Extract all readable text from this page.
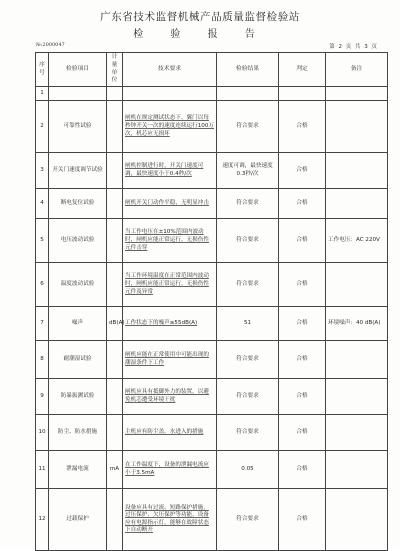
广东省技术监督机械产品质量监督检验站
检 验 报 告
№:2000047	第 2 页 共 3 页
序号	检验项目	计量单位	技术要求	检验结果	判定	备注
1						
2	可靠性试验		闸机在规定测试状态下，翼门以每秒钟开关一次的速度连续运行100万次，机芯应无损坏	符合要求	合格	
3	开关门速度调节试验		闸机控制进行时，开关门速度可调，最快速度小于0.4秒/次	速度可调，最快速度0.3秒/次	合格	
4	断电复位试验		闸机开关门动作平稳，无明显冲击	符合要求	合格	
5	电压波动试验		当工作电压在±10%范围内波动时，闸机应能正常运行，无损伤性元件击穿	符合要求	合格	工作电压：AC 220V
6	温度波动试验		当工作环境温度在正常范围内波动时，闸机应能正常运行，无损伤性元件及异常	符合要求	合格	
7	噪声	dB(A)	工作状态下的噪声≤55dB(A)	51	合格	环境噪声：40 dB(A)
8	耐潮湿试验		闸机应能在正常使用中可能出现的潮湿条件下工作	符合要求	合格	
9	防暴振测试验		闸机应具有抵御外力的装置，以避免机芯遭受环境干扰	符合要求	合格	
10	防尘、防水措施		主机应有防尘盖，水进入的措施	符合要求	合格	
11	泄漏电流	mA	在工作温度下，设备的泄漏电流应小于3.5mA	0.05	合格	
12	过载保护		设备应具有过流、短路保护措施，过压保护、欠压保护等功能，设备应有电源指示灯，能够在故障状态下自动断开	符合要求	合格	
